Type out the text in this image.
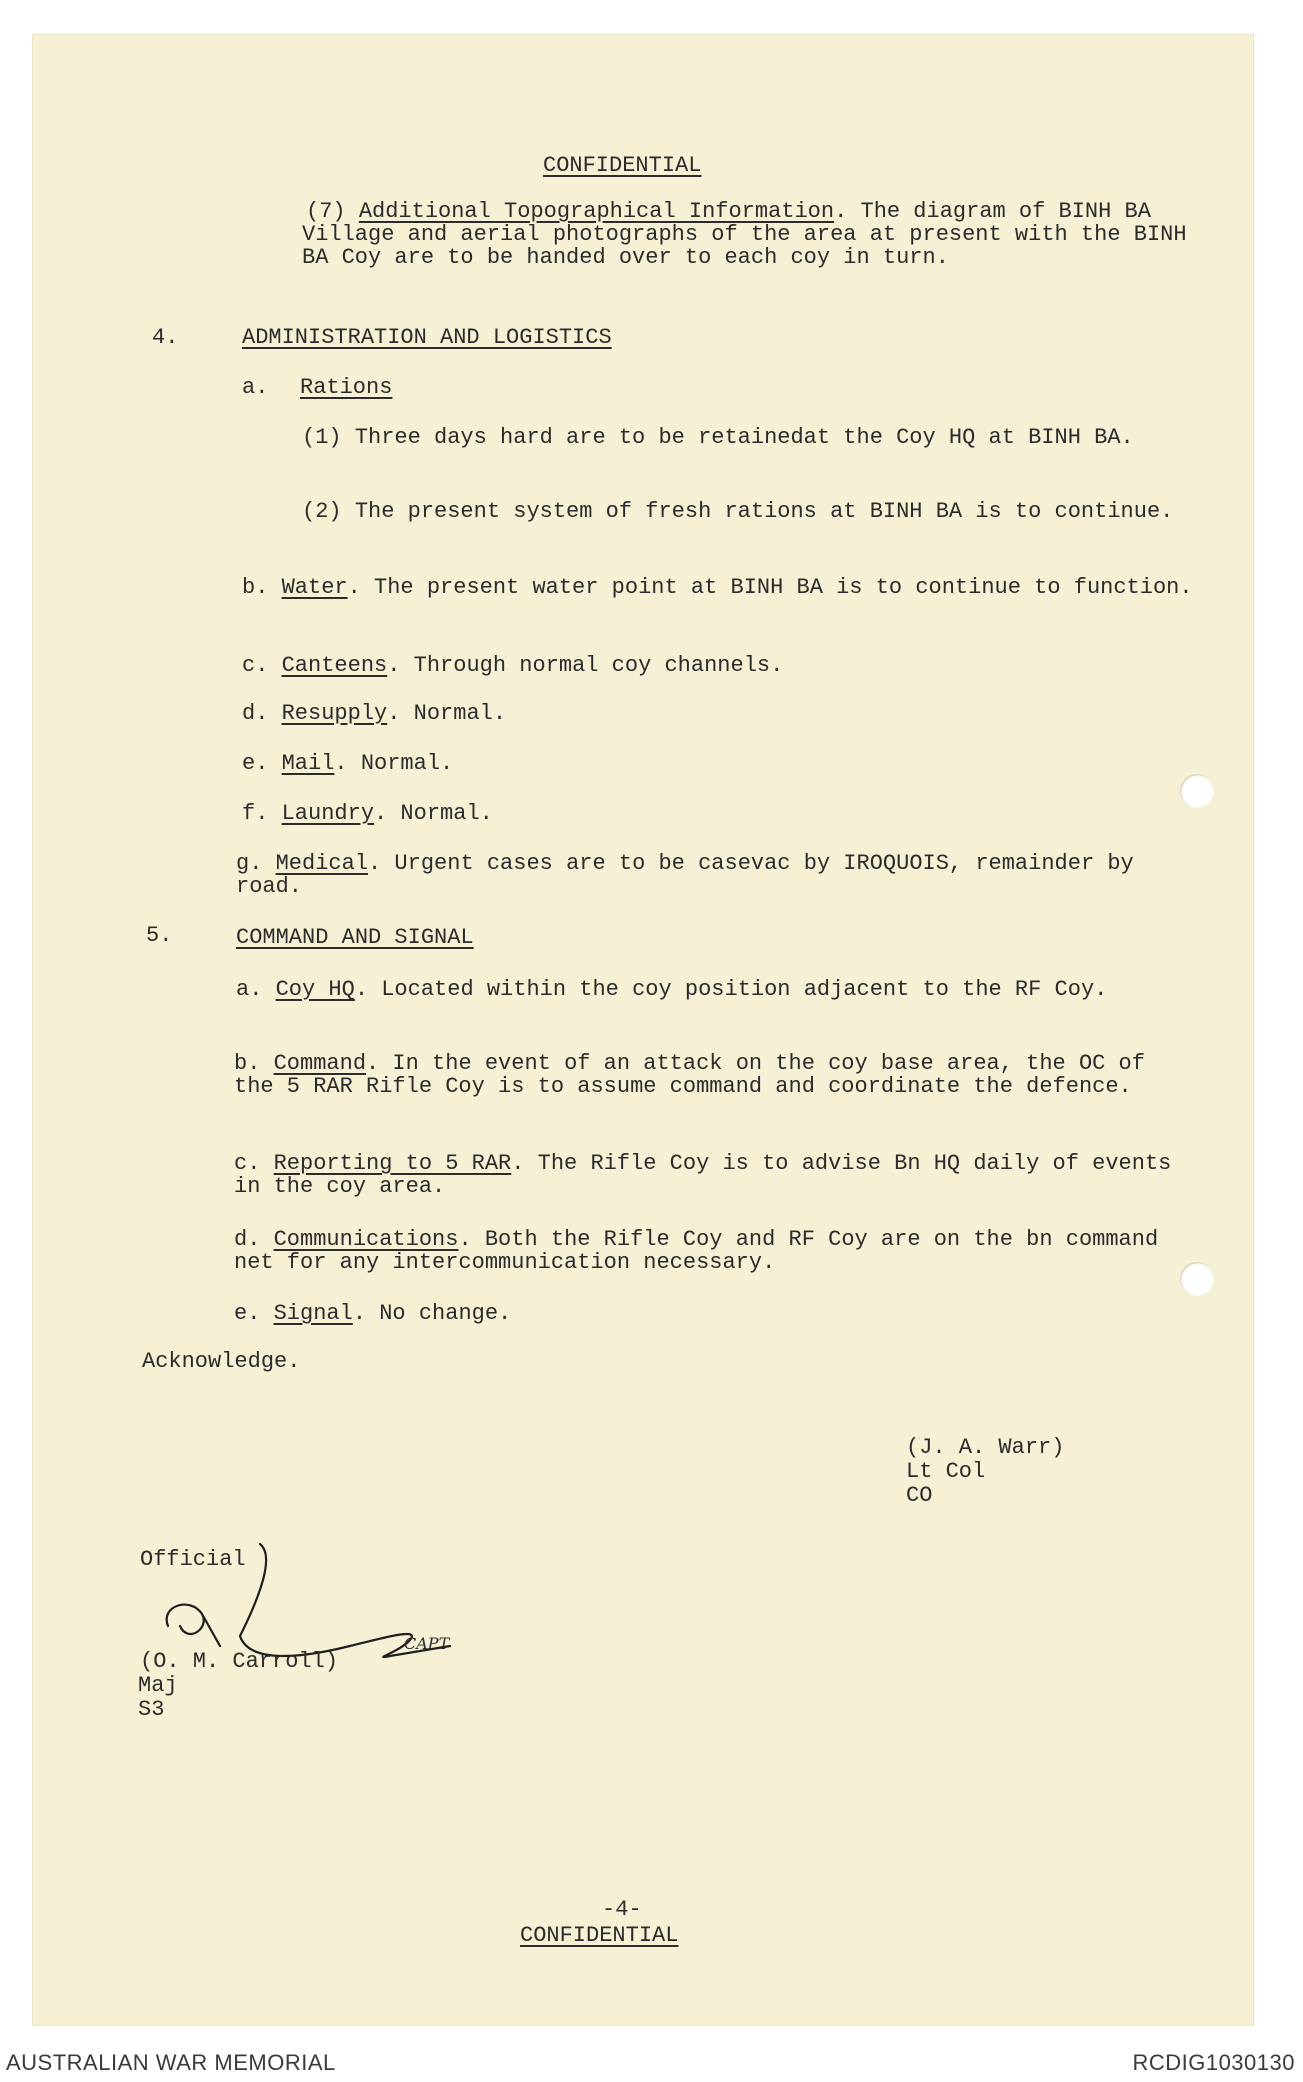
CONFIDENTIAL
(7) Additional Topographical Information. The diagram of BINH BA Village and aerial photographs of the area at present with the BINH BA Coy are to be handed over to each coy in turn.
4.	ADMINISTRATION AND LOGISTICS
a. Rations
(1) Three days hard are to be retainedat the Coy HQ at BINH BA.
(2) The present system of fresh rations at BINH BA is to continue.
b. Water. The present water point at BINH BA is to continue to function.
c. Canteens. Through normal coy channels.
d. Resupply. Normal.
e. Mail. Normal.
f. Laundry. Normal.
g. Medical. Urgent cases are to be casevac by IROQUOIS, remainder by road.
5.	COMMAND AND SIGNAL
a. Coy HQ. Located within the coy position adjacent to the RF Coy.
b. Command. In the event of an attack on the coy base area, the OC of the 5 RAR Rifle Coy is to assume command and coordinate the defence.
c. Reporting to 5 RAR. The Rifle Coy is to advise Bn HQ daily of events in the coy area.
d. Communications. Both the Rifle Coy and RF Coy are on the bn command net for any intercommunication necessary.
e. Signal. No change.
Acknowledge.
(J. A. Warr)
Lt Col
CO
Official
CAPT
(O. M. Carroll)
Maj
S3
-4-
CONFIDENTIAL
AUSTRALIAN WAR MEMORIAL	RCDIG1030130
